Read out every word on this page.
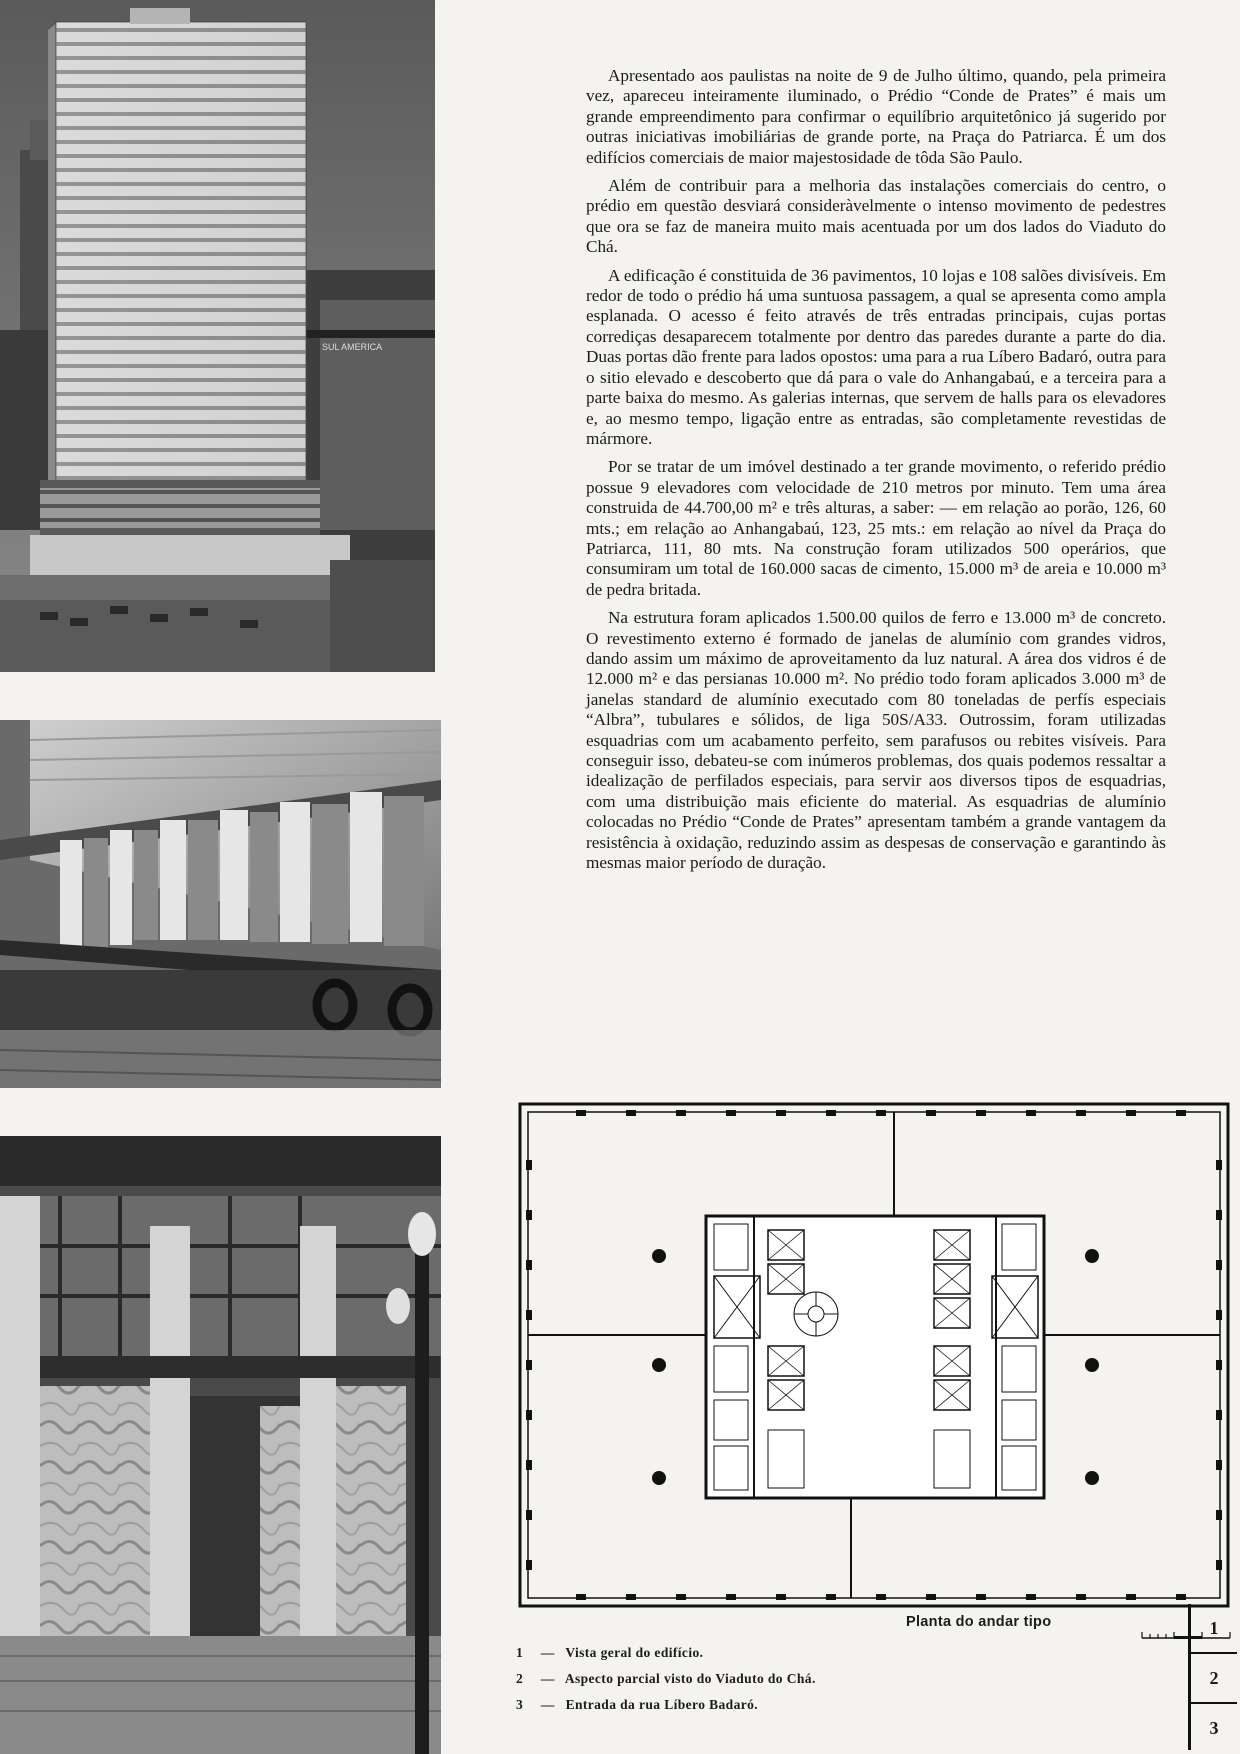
SUL AMERICA

Apresentado aos paulistas na noite de 9 de Julho último, quando, pela primeira vez, apareceu inteiramente iluminado, o Prédio “Conde de Prates” é mais um grande empreendimento para confirmar o equilíbrio arquitetônico já sugerido por outras iniciativas imobiliárias de grande porte, na Praça do Patriarca. É um dos edifícios comerciais de maior majestosidade de tôda São Paulo.

Além de contribuir para a melhoria das instalações comerciais do centro, o prédio em questão desviará consideràvelmente o intenso movimento de pedestres que ora se faz de maneira muito mais acentuada por um dos lados do Viaduto do Chá.

A edificação é constituida de 36 pavimentos, 10 lojas e 108 salões divisíveis. Em redor de todo o prédio há uma suntuosa passagem, a qual se apresenta como ampla esplanada. O acesso é feito através de três entradas principais, cujas portas corrediças desaparecem totalmente por dentro das paredes durante a parte do dia. Duas portas dão frente para lados opostos: uma para a rua Líbero Badaró, outra para o sitio elevado e descoberto que dá para o vale do Anhangabaú, e a terceira para a parte baixa do mesmo. As galerias internas, que servem de halls para os elevadores e, ao mesmo tempo, ligação entre as entradas, são completamente revestidas de mármore.

Por se tratar de um imóvel destinado a ter grande movimento, o referido prédio possue 9 elevadores com velocidade de 210 metros por minuto. Tem uma área construida de 44.700,00 m² e três alturas, a saber: — em relação ao porão, 126, 60 mts.; em relação ao Anhangabaú, 123, 25 mts.: em relação ao nível da Praça do Patriarca, 111, 80 mts. Na construção foram utilizados 500 operários, que consumiram um total de 160.000 sacas de cimento, 15.000 m³ de areia e 10.000 m³ de pedra britada.

Na estrutura foram aplicados 1.500.00 quilos de ferro e 13.000 m³ de concreto. O revestimento externo é formado de janelas de alumínio com grandes vidros, dando assim um máximo de aproveitamento da luz natural. A área dos vidros é de 12.000 m² e das persianas 10.000 m². No prédio todo foram aplicados 3.000 m³ de janelas standard de alumínio executado com 80 toneladas de perfís especiais “Albra”, tubulares e sólidos, de liga 50S/A33. Outrossim, foram utilizadas esquadrias com um acabamento perfeito, sem parafusos ou rebites visíveis. Para conseguir isso, debateu-se com inúmeros problemas, dos quais podemos ressaltar a idealização de perfilados especiais, para servir aos diversos tipos de esquadrias, com uma distribuição mais eficiente do material. As esquadrias de alumínio colocadas no Prédio “Conde de Prates” apresentam também a grande vantagem da resistência à oxidação, reduzindo assim as despesas de conservação e garantindo às mesmas maior período de duração.

Planta do andar tipo
1 — Vista geral do edifício.
2 — Aspecto parcial visto do Viaduto do Chá.
3 — Entrada da rua Líbero Badaró.
1
2
3
